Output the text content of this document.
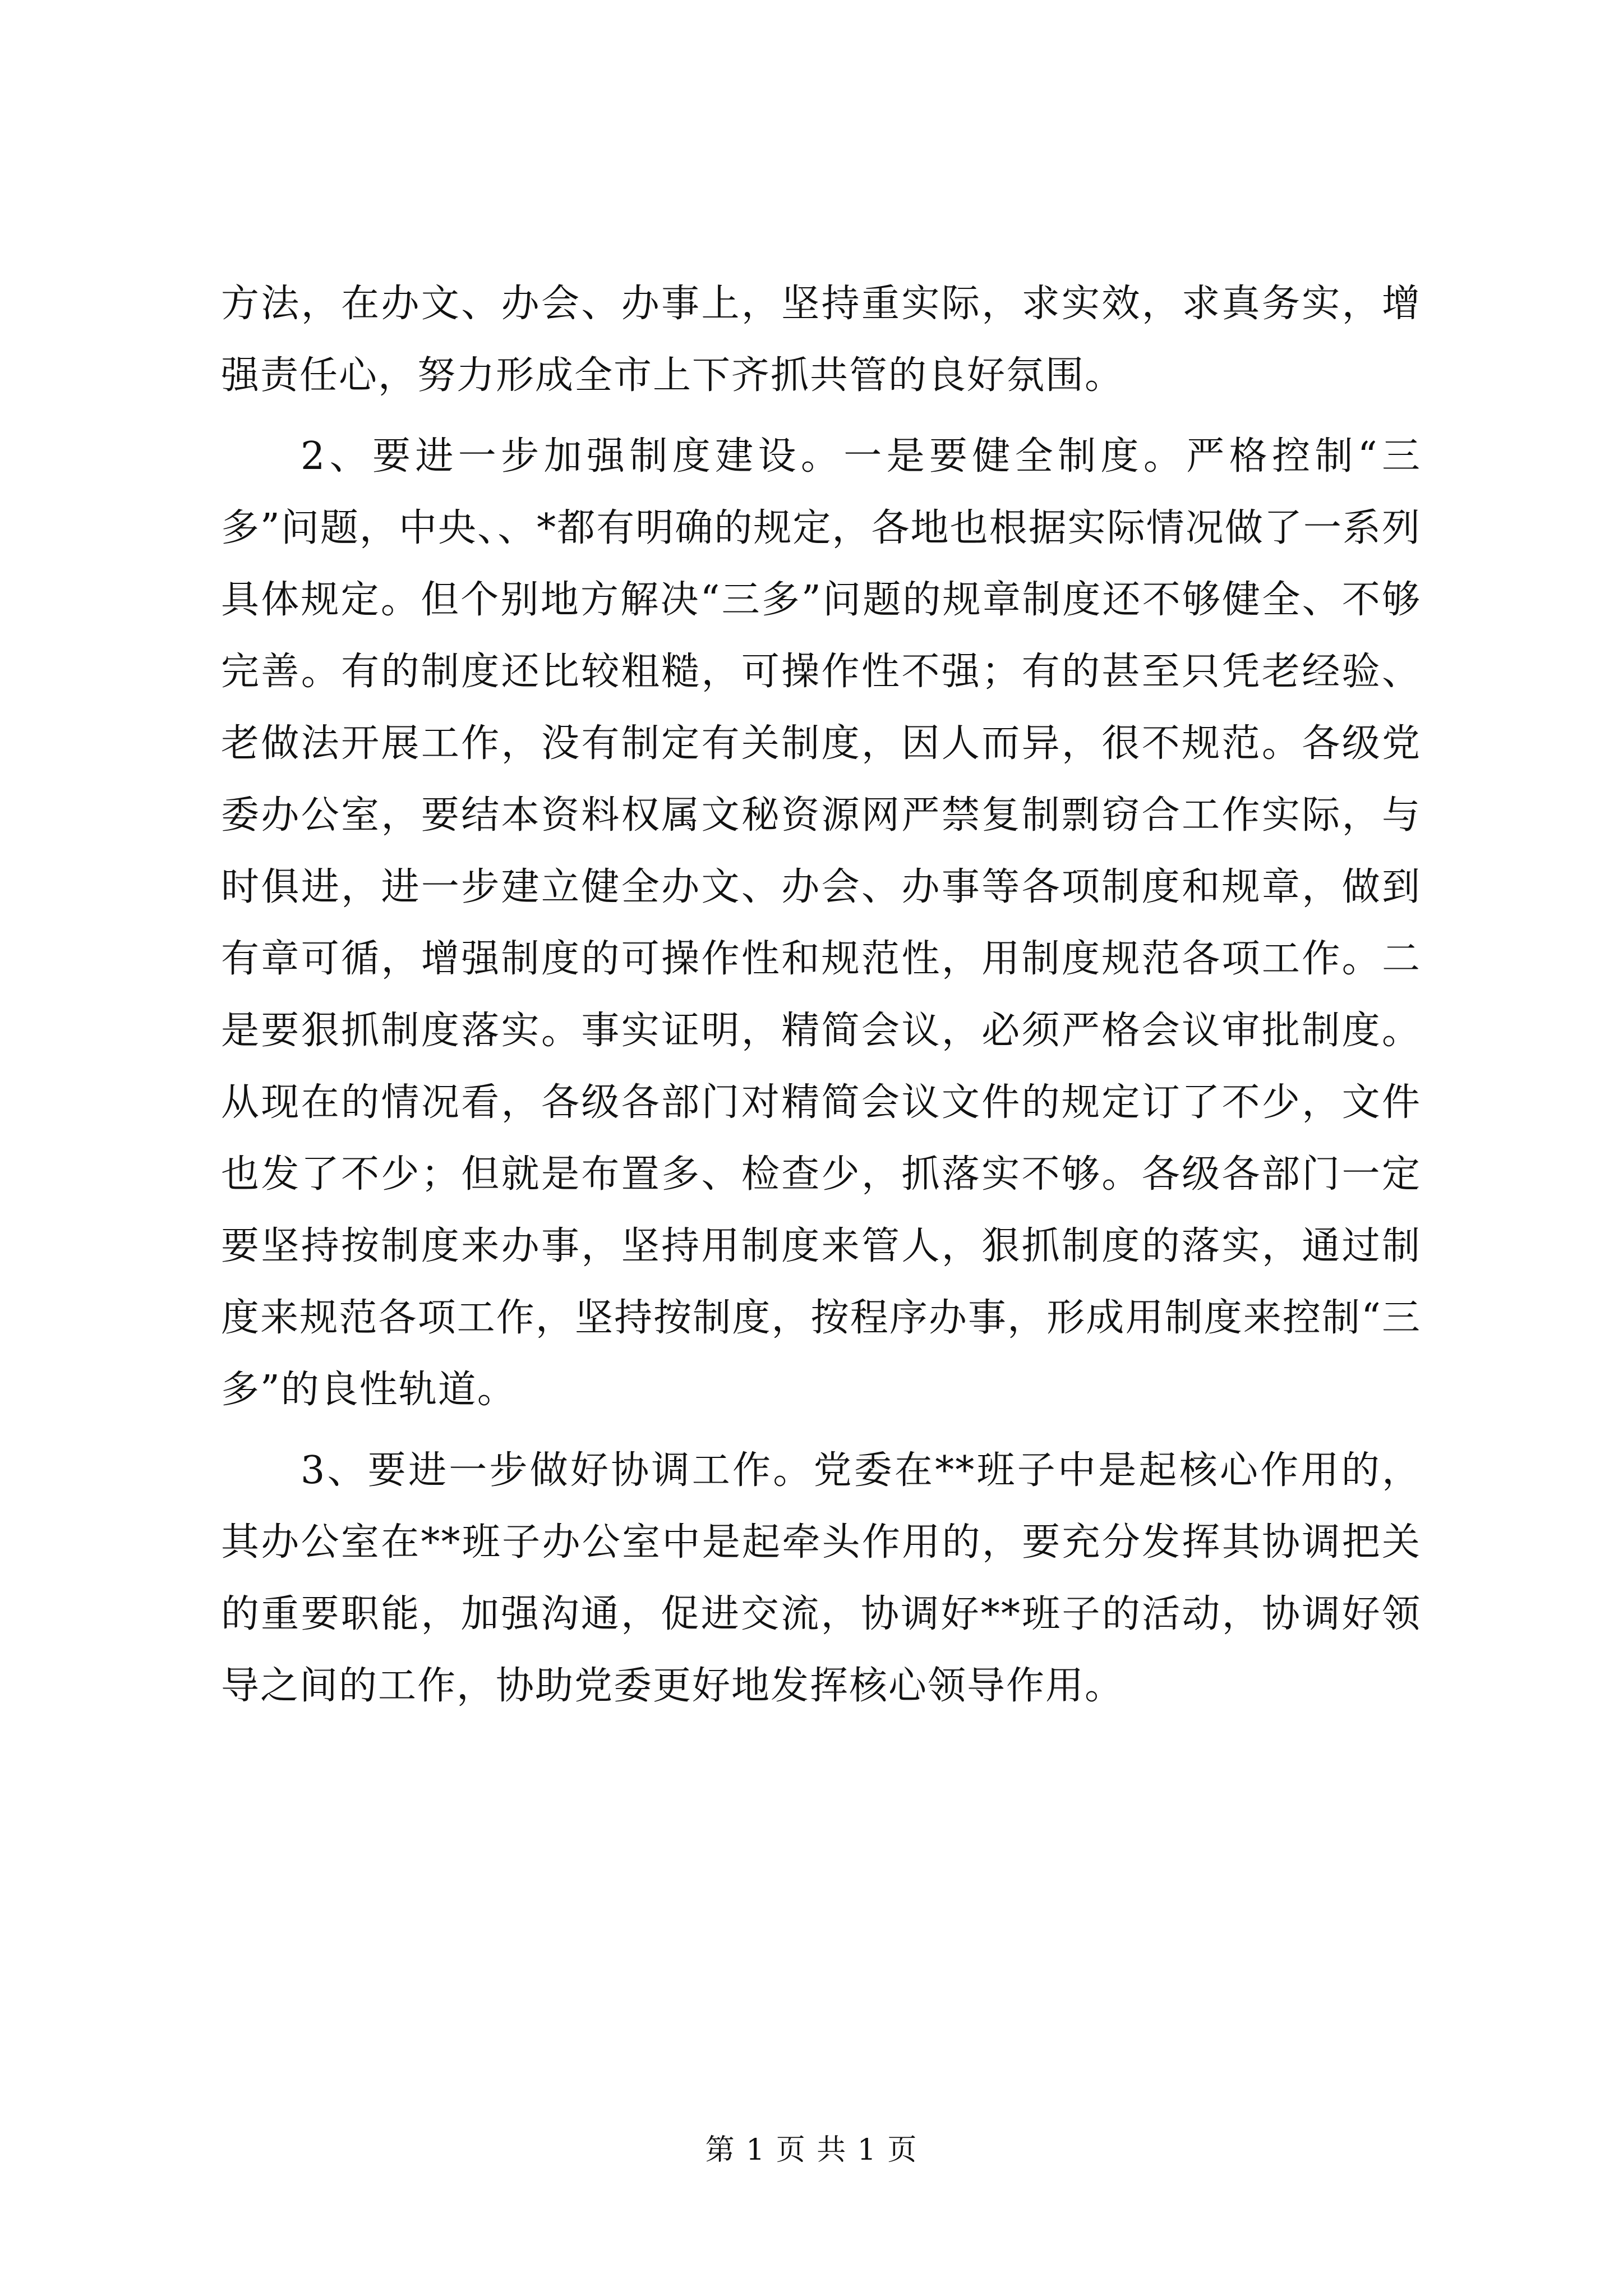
方法，在办文、办会、办事上，坚持重实际，求实效，求真务实，增强责任心，努力形成全市上下齐抓共管的良好氛围。

2、要进一步加强制度建设。一是要健全制度。严格控制“三多”问题，中央、、*都有明确的规定，各地也根据实际情况做了一系列具体规定。但个别地方解决“三多”问题的规章制度还不够健全、不够完善。有的制度还比较粗糙，可操作性不强；有的甚至只凭老经验、老做法开展工作，没有制定有关制度，因人而异，很不规范。各级党委办公室，要结本资料权属文秘资源网严禁复制剽窃合工作实际，与时俱进，进一步建立健全办文、办会、办事等各项制度和规章，做到有章可循，增强制度的可操作性和规范性，用制度规范各项工作。二是要狠抓制度落实。事实证明，精简会议，必须严格会议审批制度。从现在的情况看，各级各部门对精简会议文件的规定订了不少，文件也发了不少；但就是布置多、检查少，抓落实不够。各级各部门一定要坚持按制度来办事，坚持用制度来管人，狠抓制度的落实，通过制度来规范各项工作，坚持按制度，按程序办事，形成用制度来控制“三多”的良性轨道。

3、要进一步做好协调工作。党委在**班子中是起核心作用的，其办公室在**班子办公室中是起牵头作用的，要充分发挥其协调把关的重要职能，加强沟通，促进交流，协调好**班子的活动，协调好领导之间的工作，协助党委更好地发挥核心领导作用。

第 1 页 共 1 页
